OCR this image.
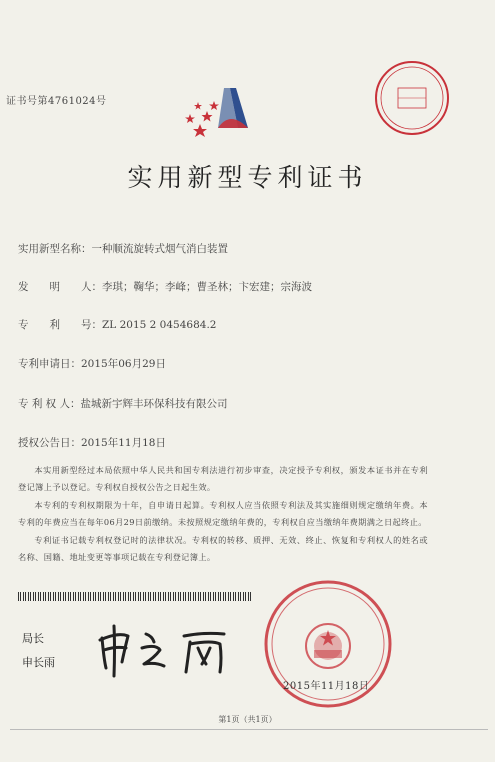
证书号第4761024号
实用新型专利证书
实用新型名称：一种顺流旋转式烟气消白装置
发　　明　　人：李琪；鞠华；李峰；曹圣林；卞宏建；宗海波
专　　利　　号：ZL 2015 2 0454684.2
专利申请日：2015年06月29日
专 利 权 人：盐城新宇辉丰环保科技有限公司
授权公告日：2015年11月18日

本实用新型经过本局依照中华人民共和国专利法进行初步审查，决定授予专利权，颁发本证书并在专利登记簿上予以登记。专利权自授权公告之日起生效。

本专利的专利权期限为十年，自申请日起算。专利权人应当依照专利法及其实施细则规定缴纳年费。本专利的年费应当在每年06月29日前缴纳。未按照规定缴纳年费的，专利权自应当缴纳年费期满之日起终止。

专利证书记载专利权登记时的法律状况。专利权的转移、质押、无效、终止、恢复和专利权人的姓名或名称、国籍、地址变更等事项记载在专利登记簿上。

局长
申长雨
2015年11月18日
第1页（共1页）
